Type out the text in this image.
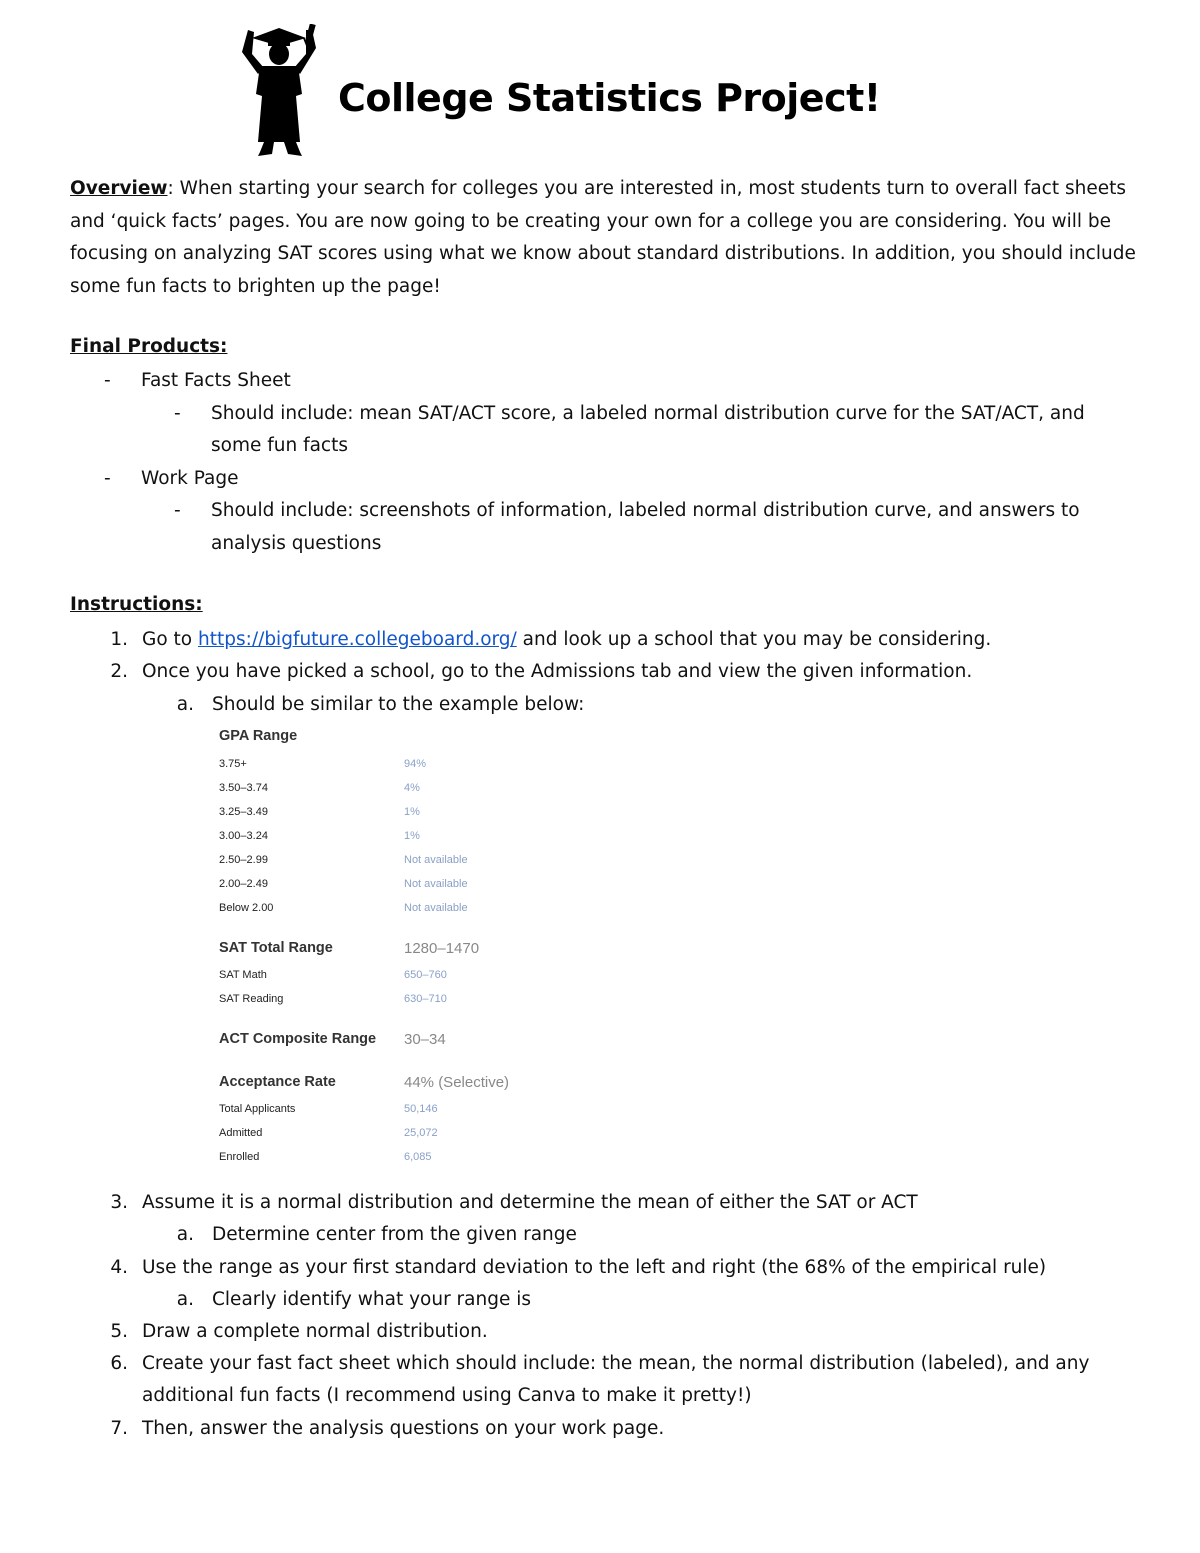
College Statistics Project!
Overview: When starting your search for colleges you are interested in, most students turn to overall fact sheets and ‘quick facts’ pages. You are now going to be creating your own for a college you are considering. You will be focusing on analyzing SAT scores using what we know about standard distributions. In addition, you should include some fun facts to brighten up the page!
Final Products:
-	Fast Facts Sheet
-	Should include: mean SAT/ACT score, a labeled normal distribution curve for the SAT/ACT, and
some fun facts
-	Work Page
-	Should include: screenshots of information, labeled normal distribution curve, and answers to
analysis questions
Instructions:
1. Go to https://bigfuture.collegeboard.org/ and look up a school that you may be considering.
2. Once you have picked a school, go to the Admissions tab and view the given information.
a. Should be similar to the example below:
GPA Range
3.75+	94%
3.50–3.74	4%
3.25–3.49	1%
3.00–3.24	1%
2.50–2.99	Not available
2.00–2.49	Not available
Below 2.00	Not available
SAT Total Range	1280–1470
SAT Math	650–760
SAT Reading	630–710
ACT Composite Range 30–34
Acceptance Rate	44% (Selective)
Total Applicants	50,146
Admitted	25,072
Enrolled	6,085
3. Assume it is a normal distribution and determine the mean of either the SAT or ACT
a. Determine center from the given range
4. Use the range as your first standard deviation to the left and right (the 68% of the empirical rule)
a. Clearly identify what your range is
5. Draw a complete normal distribution.
6. Create your fast fact sheet which should include: the mean, the normal distribution (labeled), and any
additional fun facts (I recommend using Canva to make it pretty!)
7. Then, answer the analysis questions on your work page.
